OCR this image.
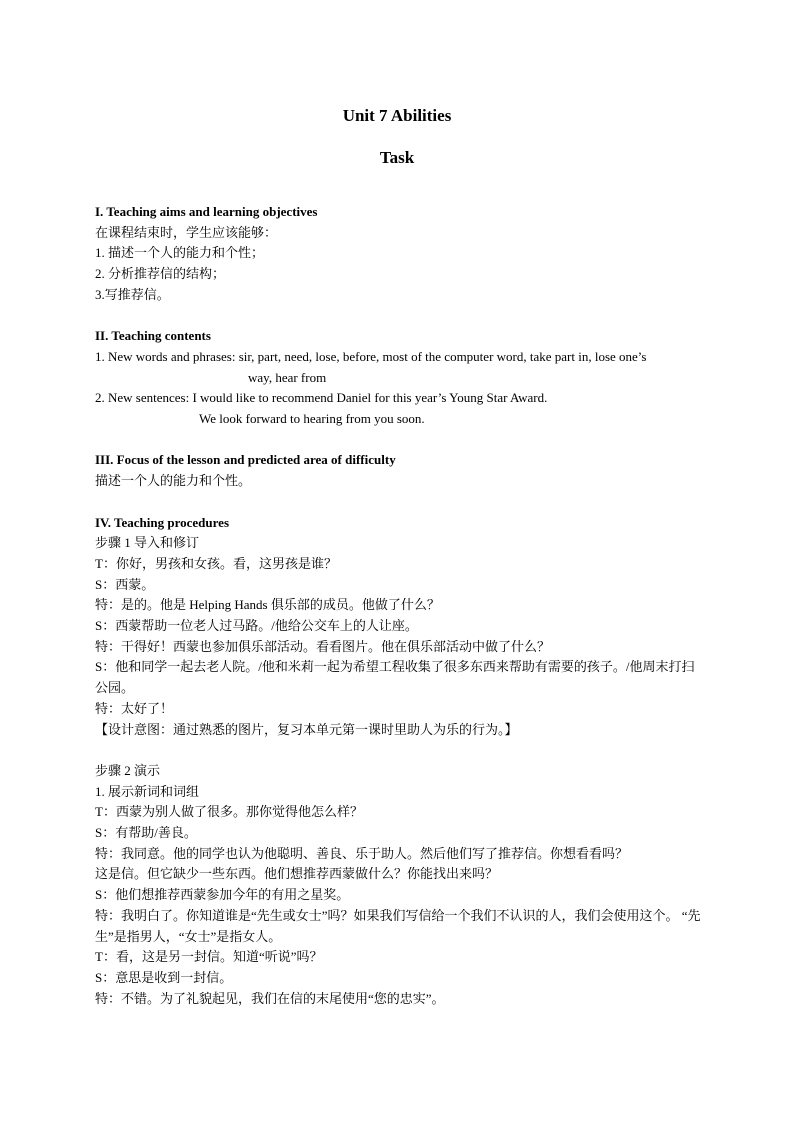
Unit 7 Abilities
Task

I. Teaching aims and learning objectives

在课程结束时，学生应该能够：

1. 描述一个人的能力和个性；

2. 分析推荐信的结构；

3.写推荐信。

II. Teaching contents

1. New words and phrases: sir, part, need, lose, before, most of the computer word, take part in, lose one’s

way, hear from

2. New sentences: I would like to recommend Daniel for this year’s Young Star Award.

We look forward to hearing from you soon.

III. Focus of the lesson and predicted area of difficulty

描述一个人的能力和个性。

IV. Teaching procedures

步骤 1 导入和修订

T：你好，男孩和女孩。看，这男孩是谁？

S：西蒙。

特：是的。他是 Helping Hands 俱乐部的成员。他做了什么？

S：西蒙帮助一位老人过马路。/他给公交车上的人让座。

特：干得好！西蒙也参加俱乐部活动。看看图片。他在俱乐部活动中做了什么？

S：他和同学一起去老人院。/他和米莉一起为希望工程收集了很多东西来帮助有需要的孩子。/他周末打扫公园。

特：太好了！

【设计意图：通过熟悉的图片，复习本单元第一课时里助人为乐的行为。】

步骤 2 演示

1. 展示新词和词组

T：西蒙为别人做了很多。那你觉得他怎么样？

S：有帮助/善良。

特：我同意。他的同学也认为他聪明、善良、乐于助人。然后他们写了推荐信。你想看看吗？

这是信。但它缺少一些东西。他们想推荐西蒙做什么？你能找出来吗？

S：他们想推荐西蒙参加今年的有用之星奖。

特：我明白了。你知道谁是“先生或女士”吗？如果我们写信给一个我们不认识的人，我们会使用这个。 “先生”是指男人，“女士”是指女人。

T：看，这是另一封信。知道“听说”吗？

S：意思是收到一封信。

特：不错。为了礼貌起见，我们在信的末尾使用“您的忠实”。
